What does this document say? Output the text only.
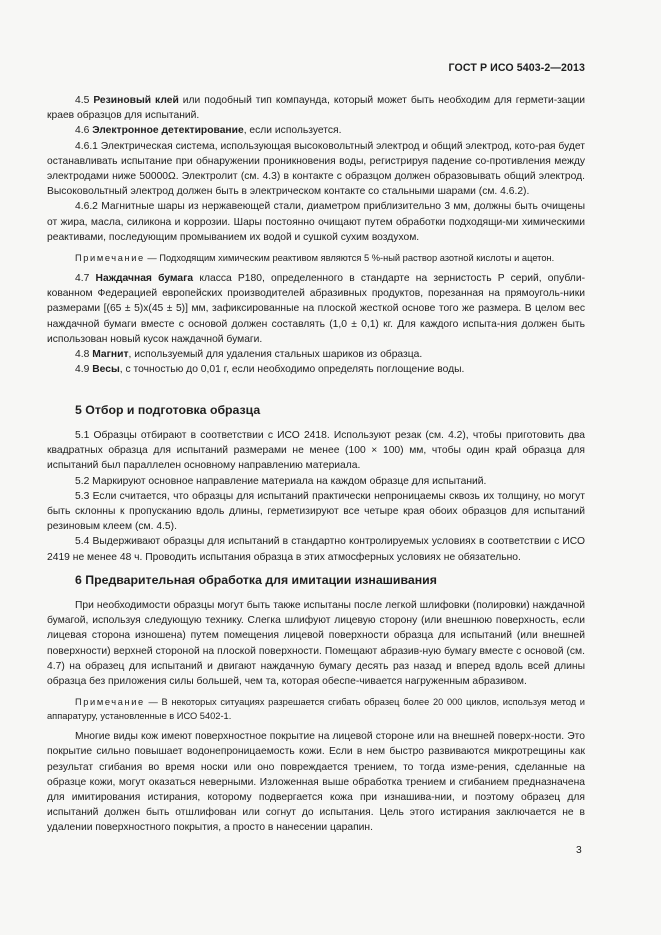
ГОСТ Р ИСО 5403-2—2013

4.5 Резиновый клей или подобный тип компаунда, который может быть необходим для гермети-зации краев образцов для испытаний.

4.6 Электронное детектирование, если используется.

4.6.1 Электрическая система, использующая высоковольтный электрод и общий электрод, кото-рая будет останавливать испытание при обнаружении проникновения воды, регистрируя падение со-противления между электродами ниже 50000Ω. Электролит (см. 4.3) в контакте с образцом должен образовывать общий электрод. Высоковольтный электрод должен быть в электрическом контакте со стальными шарами (см. 4.6.2).

4.6.2 Магнитные шары из нержавеющей стали, диаметром приблизительно 3 мм, должны быть очищены от жира, масла, силикона и коррозии. Шары постоянно очищают путем обработки подходящи-ми химическими реактивами, последующим промыванием их водой и сушкой сухим воздухом.

Примечание — Подходящим химическим реактивом являются 5 %-ный раствор азотной кислоты и ацетон.

4.7 Наждачная бумага класса P180, определенного в стандарте на зернистость P серий, опубли-кованном Федерацией европейских производителей абразивных продуктов, порезанная на прямоуголь-ники размерами [(65 ± 5)x(45 ± 5)] мм, зафиксированные на плоской жесткой основе того же размера. В целом вес наждачной бумаги вместе с основой должен составлять (1,0 ± 0,1) кг. Для каждого испыта-ния должен быть использован новый кусок наждачной бумаги.

4.8 Магнит, используемый для удаления стальных шариков из образца.

4.9 Весы, с точностью до 0,01 г, если необходимо определять поглощение воды.

5 Отбор и подготовка образца

5.1 Образцы отбирают в соответствии с ИСО 2418. Используют резак (см. 4.2), чтобы приготовить два квадратных образца для испытаний размерами не менее (100 × 100) мм, чтобы один край образца для испытаний был параллелен основному направлению материала.

5.2 Маркируют основное направление материала на каждом образце для испытаний.

5.3 Если считается, что образцы для испытаний практически непроницаемы сквозь их толщину, но могут быть склонны к пропусканию вдоль длины, герметизируют все четыре края обоих образцов для испытаний резиновым клеем (см. 4.5).

5.4 Выдерживают образцы для испытаний в стандартно контролируемых условиях в соответствии с ИСО 2419 не менее 48 ч. Проводить испытания образца в этих атмосферных условиях не обязательно.

6 Предварительная обработка для имитации изнашивания

При необходимости образцы могут быть также испытаны после легкой шлифовки (полировки) наждачной бумагой, используя следующую технику. Слегка шлифуют лицевую сторону (или внешнюю поверхность, если лицевая сторона изношена) путем помещения лицевой поверхности образца для испытаний (или внешней поверхности) верхней стороной на плоской поверхности. Помещают абразив-ную бумагу вместе с основой (см. 4.7) на образец для испытаний и двигают наждачную бумагу десять раз назад и вперед вдоль всей длины образца без приложения силы большей, чем та, которая обеспе-чивается нагруженным абразивом.

Примечание — В некоторых ситуациях разрешается сгибать образец более 20 000 циклов, используя метод и аппаратуру, установленные в ИСО 5402-1.

Многие виды кож имеют поверхностное покрытие на лицевой стороне или на внешней поверх-ности. Это покрытие сильно повышает водонепроницаемость кожи. Если в нем быстро развиваются микротрещины как результат сгибания во время носки или оно повреждается трением, то тогда изме-рения, сделанные на образце кожи, могут оказаться неверными. Изложенная выше обработка трением и сгибанием предназначена для имитирования истирания, которому подвергается кожа при изнашива-нии, и поэтому образец для испытаний должен быть отшлифован или согнут до испытания. Цель этого истирания заключается не в удалении поверхностного покрытия, а просто в нанесении царапин.

3
